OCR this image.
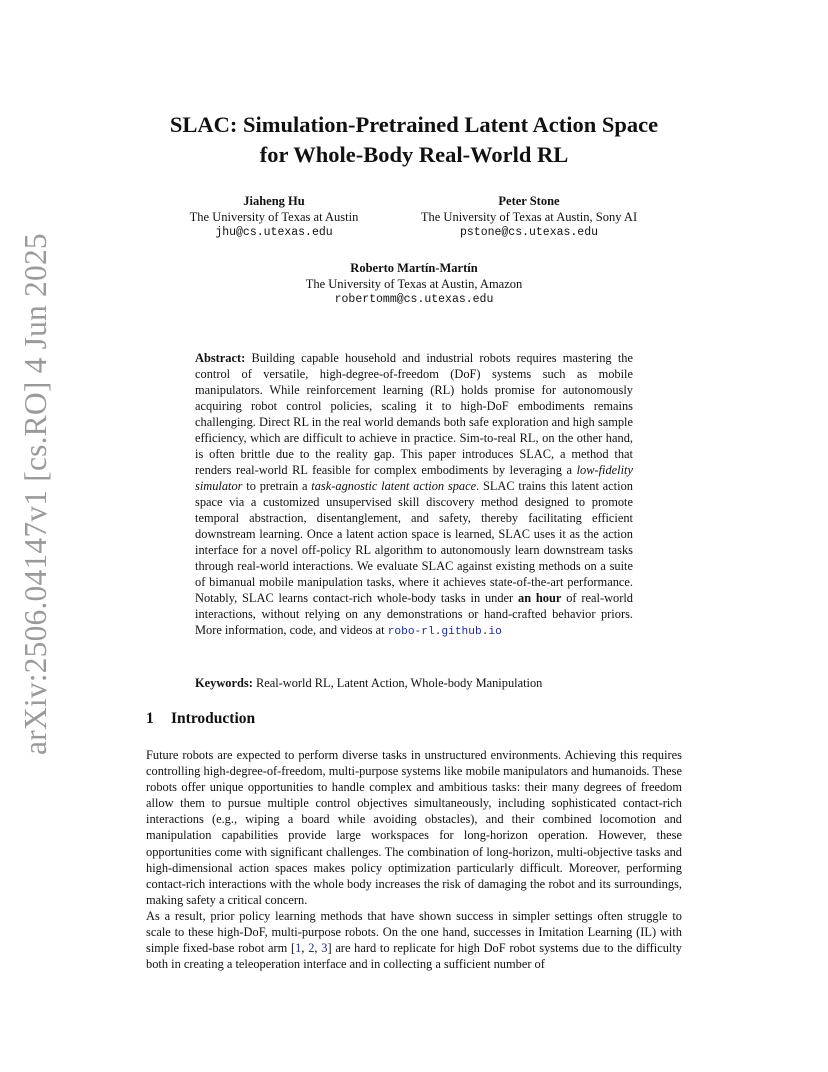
arXiv:2506.04147v1 [cs.RO] 4 Jun 2025
SLAC: Simulation-Pretrained Latent Action Space
for Whole-Body Real-World RL
Jiaheng Hu
The University of Texas at Austin
jhu@cs.utexas.edu
Peter Stone
The University of Texas at Austin, Sony AI
pstone@cs.utexas.edu
Roberto Martín-Martín
The University of Texas at Austin, Amazon
robertomm@cs.utexas.edu

Abstract: Building capable household and industrial robots requires mastering the control of versatile, high-degree-of-freedom (DoF) systems such as mobile manipulators. While reinforcement learning (RL) holds promise for autonomously acquiring robot control policies, scaling it to high-DoF embodiments remains challenging. Direct RL in the real world demands both safe exploration and high sample efficiency, which are difficult to achieve in practice. Sim-to-real RL, on the other hand, is often brittle due to the reality gap. This paper introduces SLAC, a method that renders real-world RL feasible for complex embodiments by leveraging a low-fidelity simulator to pretrain a task-agnostic latent action space. SLAC trains this latent action space via a customized unsupervised skill discovery method designed to promote temporal abstraction, disentanglement, and safety, thereby facilitating efficient downstream learning. Once a latent action space is learned, SLAC uses it as the action interface for a novel off-policy RL algorithm to autonomously learn downstream tasks through real-world interactions. We evaluate SLAC against existing methods on a suite of bimanual mobile manipulation tasks, where it achieves state-of-the-art performance. Notably, SLAC learns contact-rich whole-body tasks in under an hour of real-world interactions, without relying on any demonstrations or hand-crafted behavior priors. More information, code, and videos at robo-rl.github.io

Keywords: Real-world RL, Latent Action, Whole-body Manipulation

1 Introduction

Future robots are expected to perform diverse tasks in unstructured environments. Achieving this requires controlling high-degree-of-freedom, multi-purpose systems like mobile manipulators and humanoids. These robots offer unique opportunities to handle complex and ambitious tasks: their many degrees of freedom allow them to pursue multiple control objectives simultaneously, including sophisticated contact-rich interactions (e.g., wiping a board while avoiding obstacles), and their combined locomotion and manipulation capabilities provide large workspaces for long-horizon operation. However, these opportunities come with significant challenges. The combination of long-horizon, multi-objective tasks and high-dimensional action spaces makes policy optimization particularly difficult. Moreover, performing contact-rich interactions with the whole body increases the risk of damaging the robot and its surroundings, making safety a critical concern.

As a result, prior policy learning methods that have shown success in simpler settings often struggle to scale to these high-DoF, multi-purpose robots. On the one hand, successes in Imitation Learning (IL) with simple fixed-base robot arm [1, 2, 3] are hard to replicate for high DoF robot systems due to the difficulty both in creating a teleoperation interface and in collecting a sufficient number of
